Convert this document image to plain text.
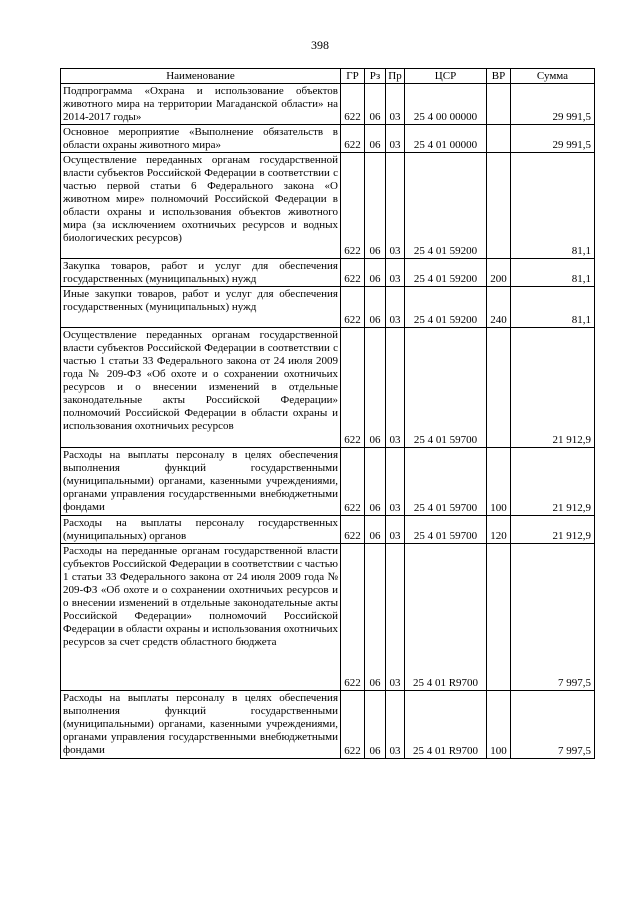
398
Наименование	ГР	Рз	Пр	ЦСР	ВР	Сумма
Подпрограмма «Охрана и использование объектов животного мира на территории Магаданской области» на 2014-2017 годы»	622	06	03	25 4 00 00000		29 991,5
Основное мероприятие «Выполнение обязательств в области охраны животного мира»	622	06	03	25 4 01 00000		29 991,5
Осуществление переданных органам государственной власти субъектов Российской Федерации в соответствии с частью первой статьи 6 Федерального закона «О животном мире» полномочий Российской Федерации в области охраны и использования объектов животного мира (за исключением охотничьих ресурсов и водных биологических ресурсов)	622	06	03	25 4 01 59200		81,1
Закупка товаров, работ и услуг для обеспечения государственных (муниципальных) нужд	622	06	03	25 4 01 59200	200	81,1
Иные закупки товаров, работ и услуг для обеспечения государственных (муниципальных) нужд	622	06	03	25 4 01 59200	240	81,1
Осуществление переданных органам государственной власти субъектов Российской Федерации в соответствии с частью 1 статьи 33 Федерального закона от 24 июля 2009 года № 209-ФЗ «Об охоте и о сохранении охотничьих ресурсов и о внесении изменений в отдельные законодательные акты Российской Федерации» полномочий Российской Федерации в области охраны и использования охотничьих ресурсов	622	06	03	25 4 01 59700		21 912,9
Расходы на выплаты персоналу в целях обеспечения выполнения функций государственными (муниципальными) органами, казенными учреждениями, органами управления государственными внебюджетными фондами	622	06	03	25 4 01 59700	100	21 912,9
Расходы на выплаты персоналу государственных (муниципальных) органов	622	06	03	25 4 01 59700	120	21 912,9
Расходы на переданные органам государственной власти субъектов Российской Федерации в соответствии с частью 1 статьи 33 Федерального закона от 24 июля 2009 года № 209-ФЗ «Об охоте и о сохранении охотничьих ресурсов и о внесении изменений в отдельные законодательные акты Российской Федерации» полномочий Российской Федерации в области охраны и использования охотничьих ресурсов за счет средств областного бюджета	622	06	03	25 4 01 R9700		7 997,5
Расходы на выплаты персоналу в целях обеспечения выполнения функций государственными (муниципальными) органами, казенными учреждениями, органами управления государственными внебюджетными фондами	622	06	03	25 4 01 R9700	100	7 997,5
